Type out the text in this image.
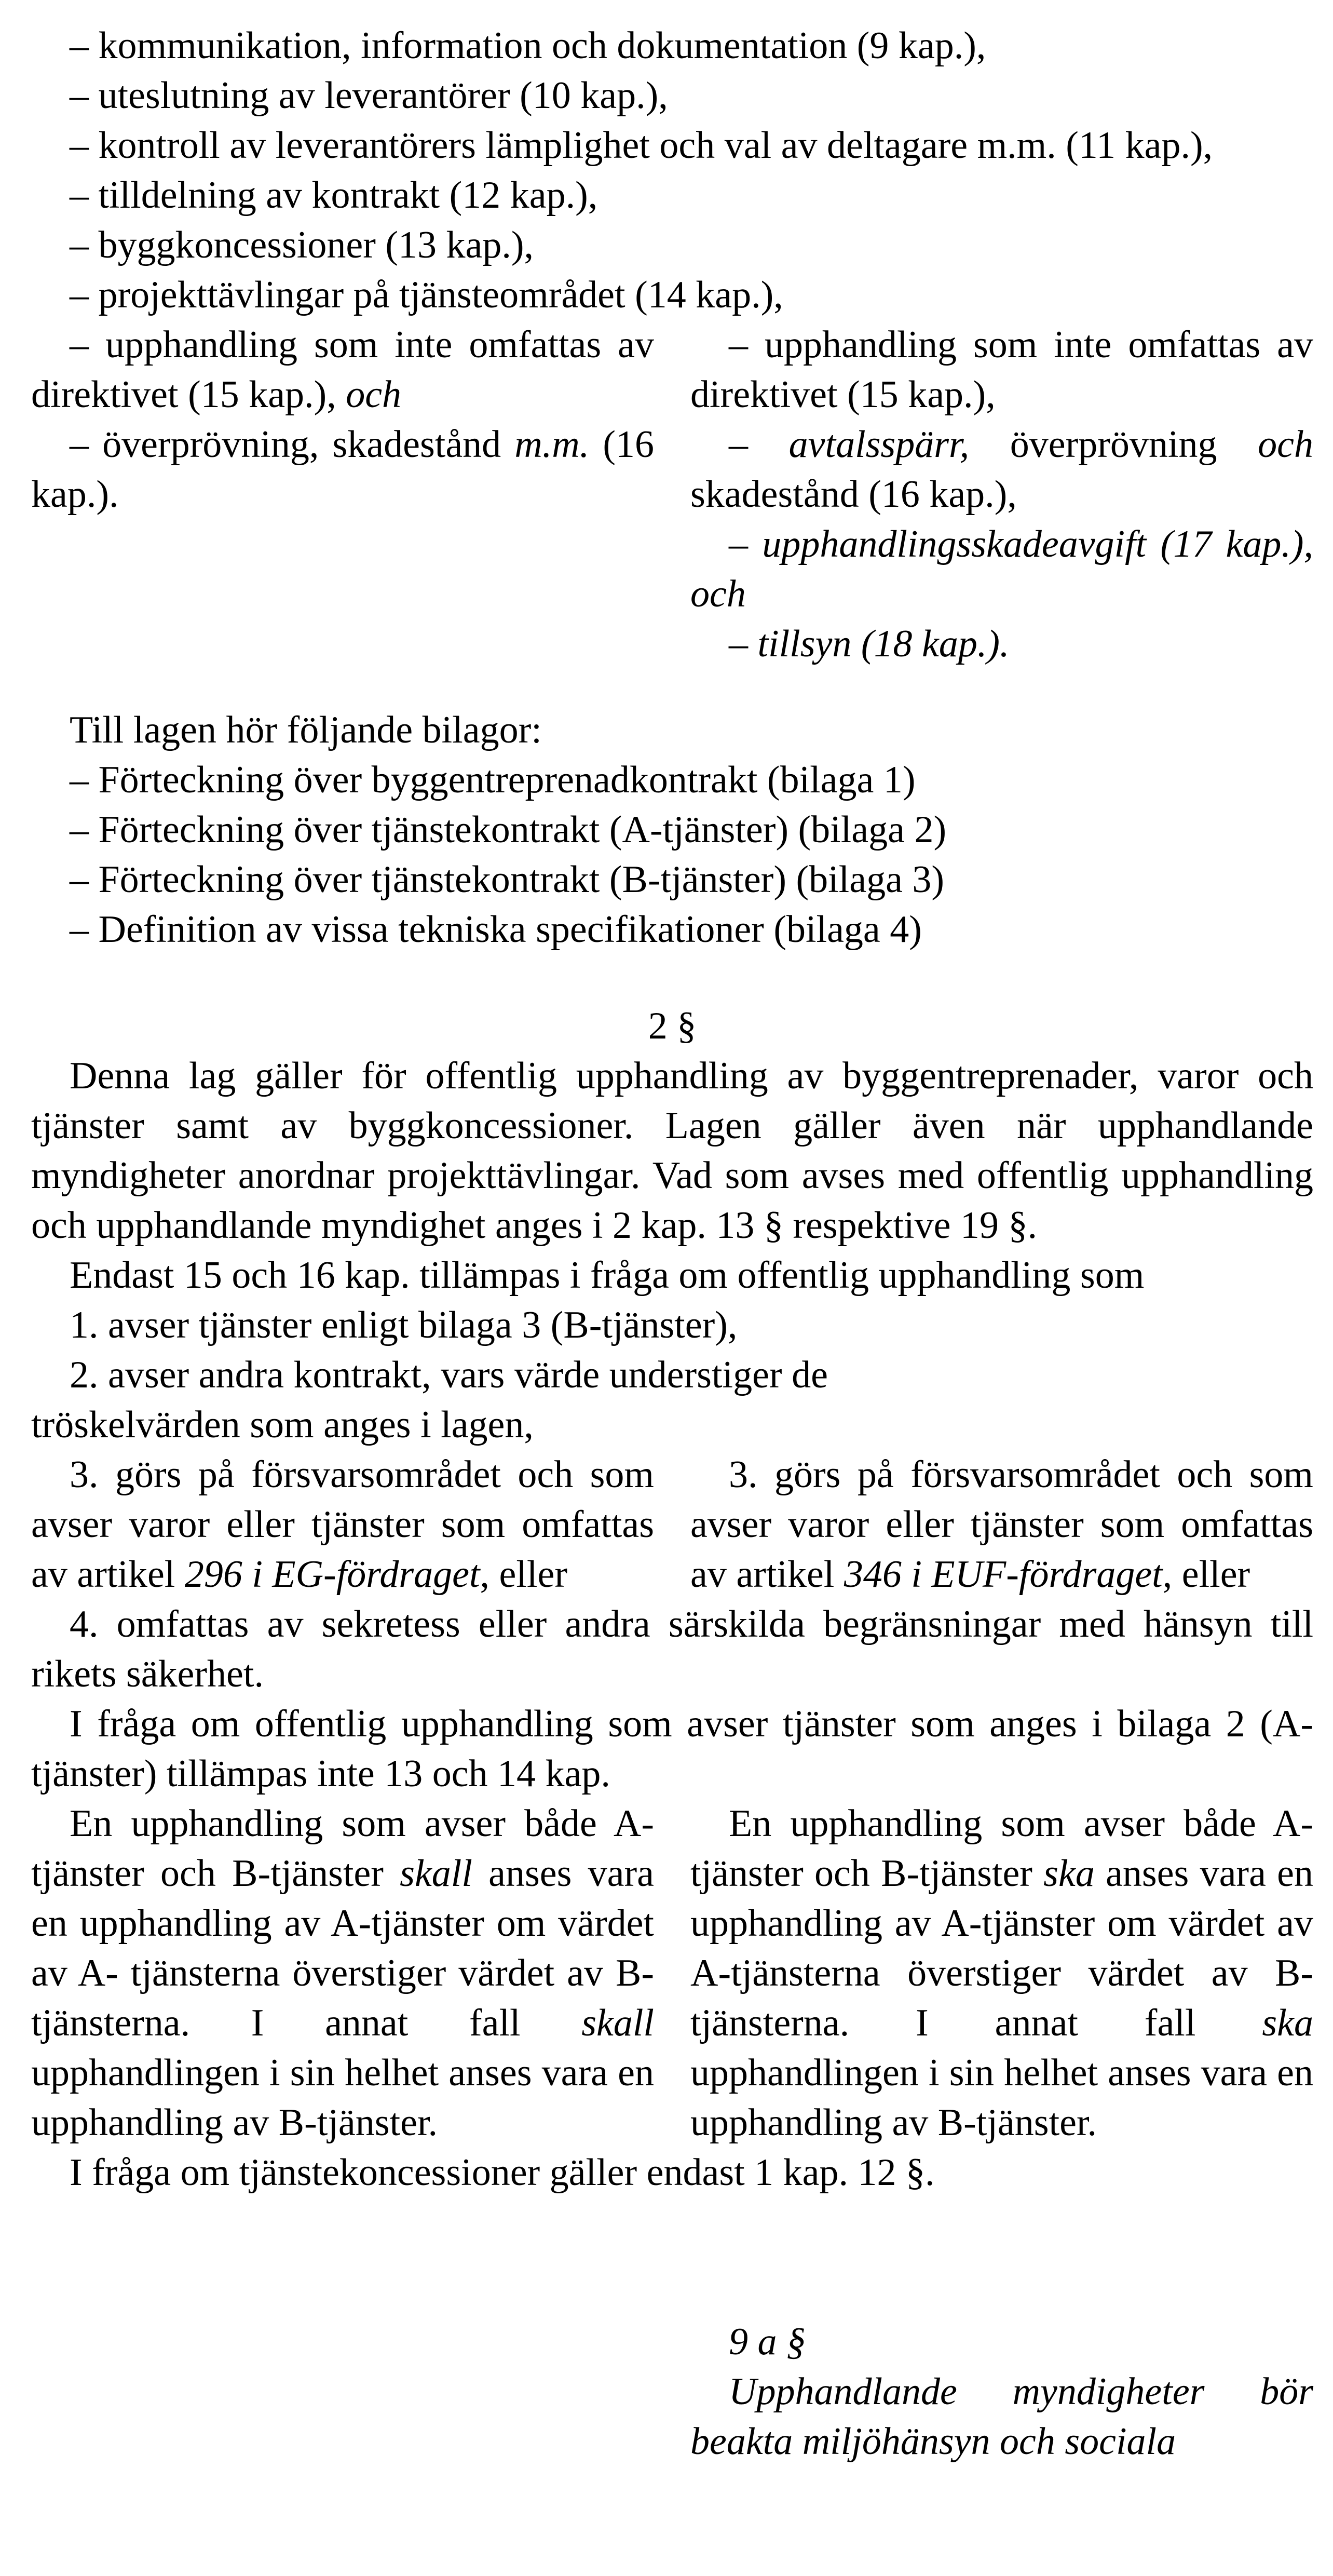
– kommunikation, information och dokumentation (9 kap.),

– uteslutning av leverantörer (10 kap.),

– kontroll av leverantörers lämplighet och val av deltagare m.m. (11 kap.),

– tilldelning av kontrakt (12 kap.),

– byggkoncessioner (13 kap.),

– projekttävlingar på tjänsteområdet (14 kap.),

– upphandling som inte omfattas av direktivet (15 kap.), och

– överprövning, skadestånd m.m. (16 kap.).

– upphandling som inte omfattas av direktivet (15 kap.),

– avtalsspärr, överprövning och skadestånd (16 kap.),

– upphandlingsskadeavgift (17 kap.), och

– tillsyn (18 kap.).

Till lagen hör följande bilagor:

– Förteckning över byggentreprenadkontrakt (bilaga 1)

– Förteckning över tjänstekontrakt (A-tjänster) (bilaga 2)

– Förteckning över tjänstekontrakt (B-tjänster) (bilaga 3)

– Definition av vissa tekniska specifikationer (bilaga 4)

2 §

Denna lag gäller för offentlig upphandling av byggentreprenader, varor och tjänster samt av byggkoncessioner. Lagen gäller även när upphandlande myndigheter anordnar projekttävlingar. Vad som avses med offentlig upphandling och upphandlande myndighet anges i 2 kap. 13 § respektive 19 §.

Endast 15 och 16 kap. tillämpas i fråga om offentlig upphandling som

1. avser tjänster enligt bilaga 3 (B-tjänster),

2. avser andra kontrakt, vars värde understiger de

tröskelvärden som anges i lagen,

3. görs på försvarsområdet och som avser varor eller tjänster som omfattas av artikel 296 i EG-fördraget, eller

3. görs på försvarsområdet och som avser varor eller tjänster som omfattas av artikel 346 i EUF-fördraget, eller

4. omfattas av sekretess eller andra särskilda begränsningar med hänsyn till rikets säkerhet.

I fråga om offentlig upphandling som avser tjänster som anges i bilaga 2 (A-tjänster) tillämpas inte 13 och 14 kap.

En upphandling som avser både A-tjänster och B-tjänster skall anses vara en upphandling av A-tjänster om värdet av A- tjänsterna överstiger värdet av B-tjänsterna. I annat fall skall upphandlingen i sin helhet anses vara en upphandling av B-tjänster.

En upphandling som avser både A-tjänster och B-tjänster ska anses vara en upphandling av A-tjänster om värdet av A-tjänsterna överstiger värdet av B-tjänsterna. I annat fall ska upphandlingen i sin helhet anses vara en upphandling av B-tjänster.

I fråga om tjänstekoncessioner gäller endast 1 kap. 12 §.

9 a §

Upphandlande myndigheter bör beakta miljöhänsyn och sociala
